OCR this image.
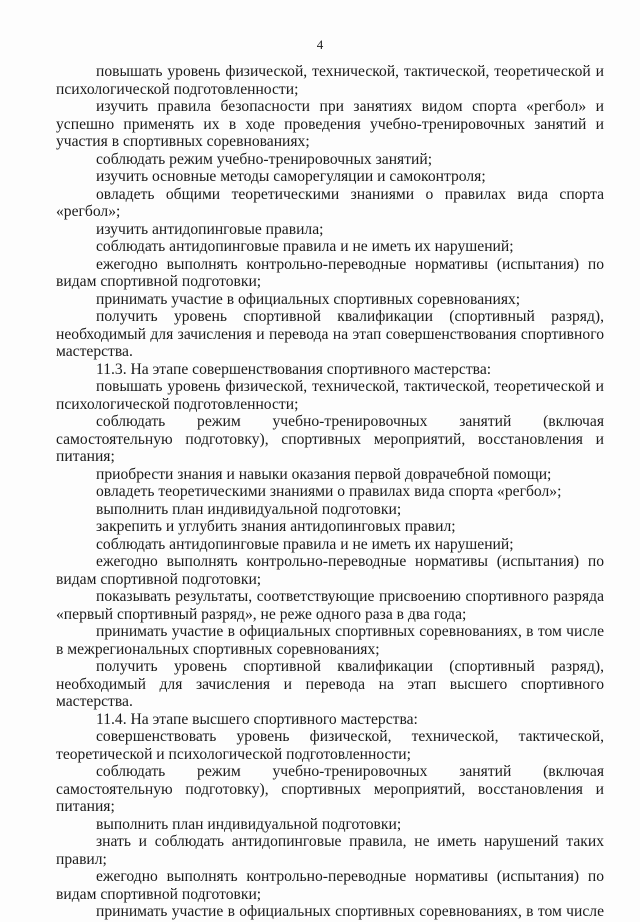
4

повышать уровень физической, технической, тактической, теоретической и психологической подготовленности;

изучить правила безопасности при занятиях видом спорта «регбол» и успешно применять их в ходе проведения учебно-тренировочных занятий и участия в спортивных соревнованиях;

соблюдать режим учебно-тренировочных занятий;

изучить основные методы саморегуляции и самоконтроля;

овладеть общими теоретическими знаниями о правилах вида спорта «регбол»;

изучить антидопинговые правила;

соблюдать антидопинговые правила и не иметь их нарушений;

ежегодно выполнять контрольно-переводные нормативы (испытания) по видам спортивной подготовки;

принимать участие в официальных спортивных соревнованиях;

получить уровень спортивной квалификации (спортивный разряд), необходимый для зачисления и перевода на этап совершенствования спортивного мастерства.

11.3. На этапе совершенствования спортивного мастерства:

повышать уровень физической, технической, тактической, теоретической и психологической подготовленности;

соблюдать режим учебно-тренировочных занятий (включая самостоятельную подготовку), спортивных мероприятий, восстановления и питания;

приобрести знания и навыки оказания первой доврачебной помощи;

овладеть теоретическими знаниями о правилах вида спорта «регбол»;

выполнить план индивидуальной подготовки;

закрепить и углубить знания антидопинговых правил;

соблюдать антидопинговые правила и не иметь их нарушений;

ежегодно выполнять контрольно-переводные нормативы (испытания) по видам спортивной подготовки;

показывать результаты, соответствующие присвоению спортивного разряда «первый спортивный разряд», не реже одного раза в два года;

принимать участие в официальных спортивных соревнованиях, в том числе в межрегиональных спортивных соревнованиях;

получить уровень спортивной квалификации (спортивный разряд), необходимый для зачисления и перевода на этап высшего спортивного мастерства.

11.4. На этапе высшего спортивного мастерства:

совершенствовать уровень физической, технической, тактической, теоретической и психологической подготовленности;

соблюдать режим учебно-тренировочных занятий (включая самостоятельную подготовку), спортивных мероприятий, восстановления и питания;

выполнить план индивидуальной подготовки;

знать и соблюдать антидопинговые правила, не иметь нарушений таких правил;

ежегодно выполнять контрольно-переводные нормативы (испытания) по видам спортивной подготовки;

принимать участие в официальных спортивных соревнованиях, в том числе
